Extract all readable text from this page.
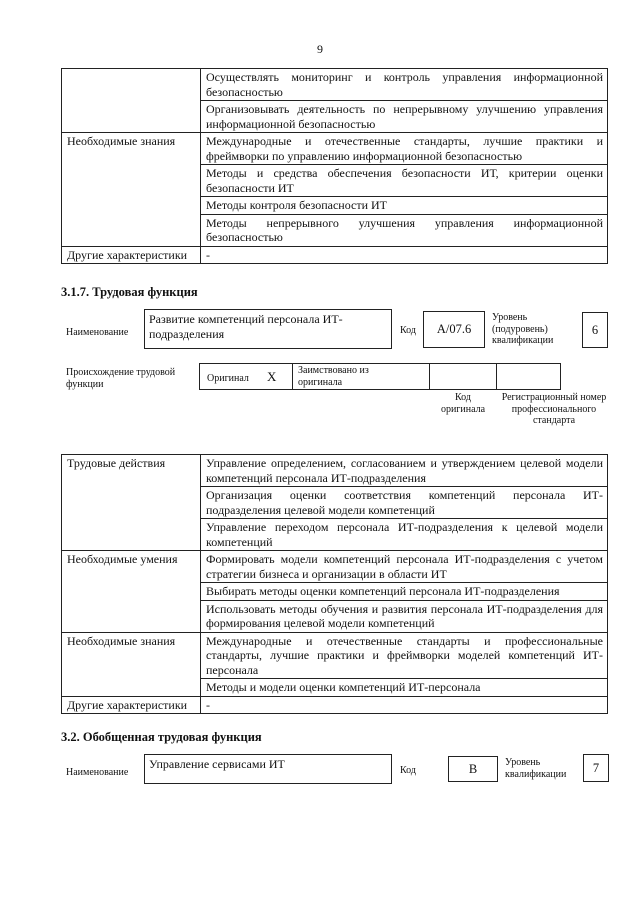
9
	Осуществлять мониторинг и контроль управления информационной безопасностью
	Организовывать деятельность по непрерывному улучшению управления информационной безопасностью
Необходимые знания	Международные и отечественные стандарты, лучшие практики и фреймворки по управлению информационной безопасностью
	Методы и средства обеспечения безопасности ИТ, критерии оценки безопасности ИТ
	Методы контроля безопасности ИТ
	Методы непрерывного улучшения управления информационной безопасностью
Другие характеристики	-
3.1.7. Трудовая функция
Наименование
Развитие компетенций персонала ИТ-подразделения	Код	А/07.6
Уровень (подуровень) квалификации
6
Происхождение трудовой функции	Оригинал X Заимствовано из оригинала
Код оригинала
Регистрационный номер профессионального стандарта
Трудовые действия	Управление определением, согласованием и утверждением целевой модели компетенций персонала ИТ-подразделения
	Организация оценки соответствия компетенций персонала ИТ-подразделения целевой модели компетенций
	Управление переходом персонала ИТ-подразделения к целевой модели компетенций
Необходимые умения	Формировать модели компетенций персонала ИТ-подразделения с учетом стратегии бизнеса и организации в области ИТ
	Выбирать методы оценки компетенций персонала ИТ-подразделения
	Использовать методы обучения и развития персонала ИТ-подразделения для формирования целевой модели компетенций
Необходимые знания	Международные и отечественные стандарты и профессиональные стандарты, лучшие практики и фреймворки моделей компетенций ИТ-персонала
	Методы и модели оценки компетенций ИТ-персонала
Другие характеристики	-
3.2. Обобщенная трудовая функция
Наименование
Управление сервисами ИТ	Код	B	Уровень квалификации	7
